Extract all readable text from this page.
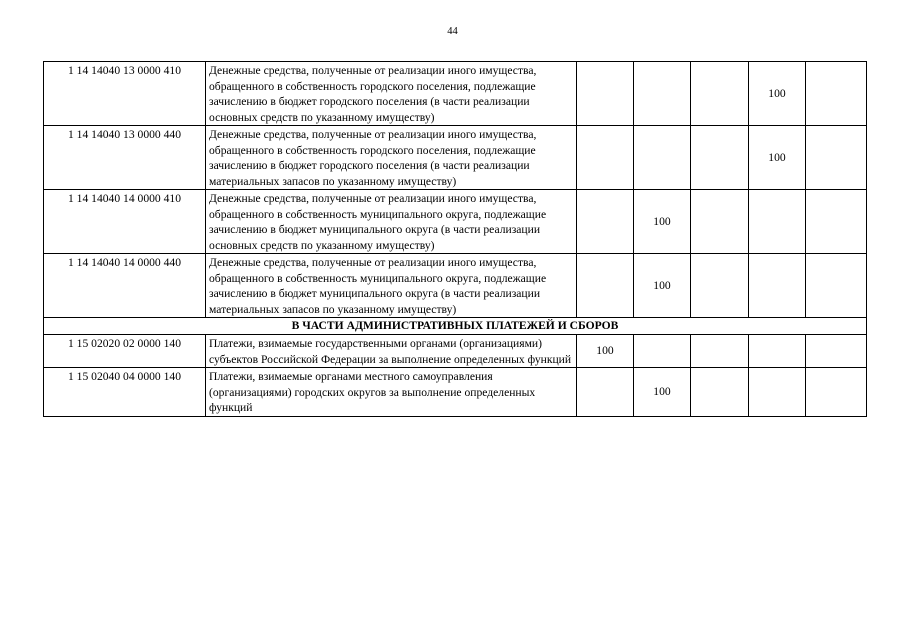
44
1 14 14040 13 0000 410	Денежные средства, полученные от реализации иного имущества, обращенного в собственность городского поселения, подлежащие зачислению в бюджет городского поселения (в части реализации основных средств по указанному имуществу)				100	
1 14 14040 13 0000 440	Денежные средства, полученные от реализации иного имущества, обращенного в собственность городского поселения, подлежащие зачислению в бюджет городского поселения (в части реализации материальных запасов по указанному имуществу)				100	
1 14 14040 14 0000 410	Денежные средства, полученные от реализации иного имущества, обращенного в собственность муниципального округа, подлежащие зачислению в бюджет муниципального округа (в части реализации основных средств по указанному имуществу)		100			
1 14 14040 14 0000 440	Денежные средства, полученные от реализации иного имущества, обращенного в собственность муниципального округа, подлежащие зачислению в бюджет муниципального округа (в части реализации материальных запасов по указанному имуществу)		100			
В ЧАСТИ АДМИНИСТРАТИВНЫХ ПЛАТЕЖЕЙ И СБОРОВ						
1 15 02020 02 0000 140	Платежи, взимаемые государственными органами (организациями) субъектов Российской Федерации за выполнение определенных функций	100				
1 15 02040 04 0000 140	Платежи, взимаемые органами местного самоуправления (организациями) городских округов за выполнение определенных функций		100			
